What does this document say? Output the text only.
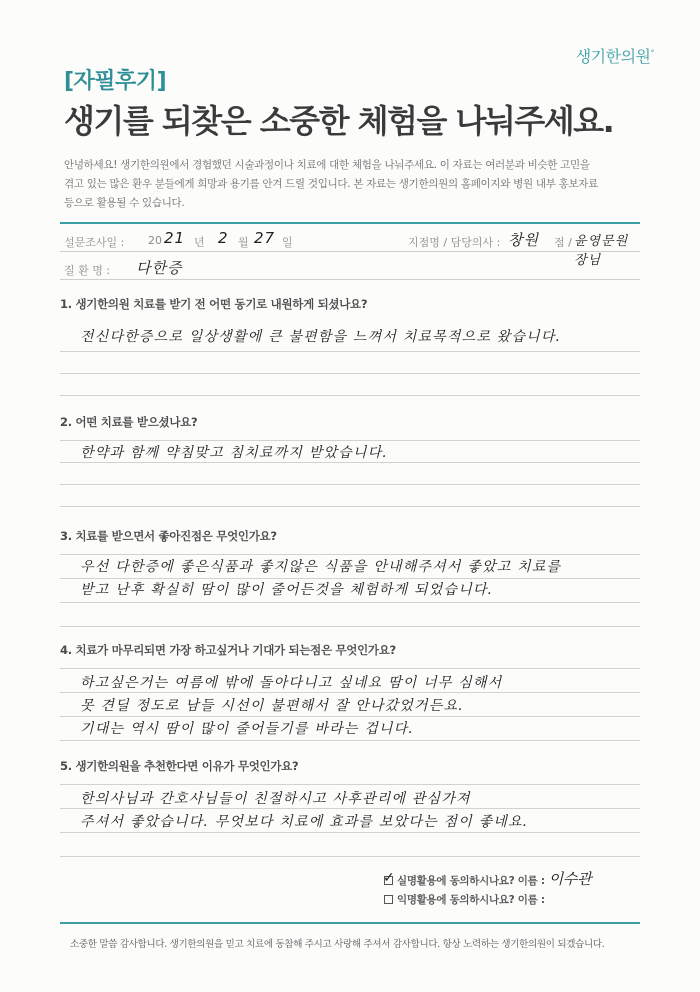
생기한의원°
[자필후기]
생기를 되찾은 소중한 체험을 나눠주세요.
안녕하세요! 생기한의원에서 경험했던 시술과정이나 치료에 대한 체험을 나눠주세요. 이 자료는 여러분과 비슷한 고민을
겪고 있는 많은 환우 분들에게 희망과 용기를 안겨 드릴 것입니다. 본 자료는 생기한의원의 홈페이지와 병원 내부 홍보자료
등으로 활용될 수 있습니다.
설문조사일 : 20 21 년 2 월 27 일	지점명 / 담당의사 : 창원 점 / 윤영문원장님
질 환 명 : 다한증
1. 생기한의원 치료를 받기 전 어떤 동기로 내원하게 되셨나요?
전신다한증으로 일상생활에 큰 불편함을 느껴서 치료목적으로 왔습니다.
2. 어떤 치료를 받으셨나요?
한약과 함께 약침맞고 침치료까지 받았습니다.
3. 치료를 받으면서 좋아진점은 무엇인가요?
우선 다한증에 좋은식품과 좋지않은 식품을 안내해주셔서 좋았고 치료를
받고 난후 확실히 땀이 많이 줄어든것을 체험하게 되었습니다.
4. 치료가 마무리되면 가장 하고싶거나 기대가 되는점은 무엇인가요?
하고싶은거는 여름에 밖에 돌아다니고 싶네요 땀이 너무 심해서
못 견딜 정도로 남들 시선이 불편해서 잘 안나갔었거든요.
기대는 역시 땀이 많이 줄어들기를 바라는 겁니다.
5. 생기한의원을 추천한다면 이유가 무엇인가요?
한의사님과 간호사님들이 친절하시고 사후관리에 관심가져
주셔서 좋았습니다. 무엇보다 치료에 효과를 보았다는 점이 좋네요.
✓ 실명활용에 동의하시나요? 이름 : 이수관
익명활용에 동의하시나요? 이름 :
소중한 말씀 감사합니다. 생기한의원을 믿고 치료에 동참해 주시고 사랑해 주셔서 감사합니다. 항상 노력하는 생기한의원이 되겠습니다.
